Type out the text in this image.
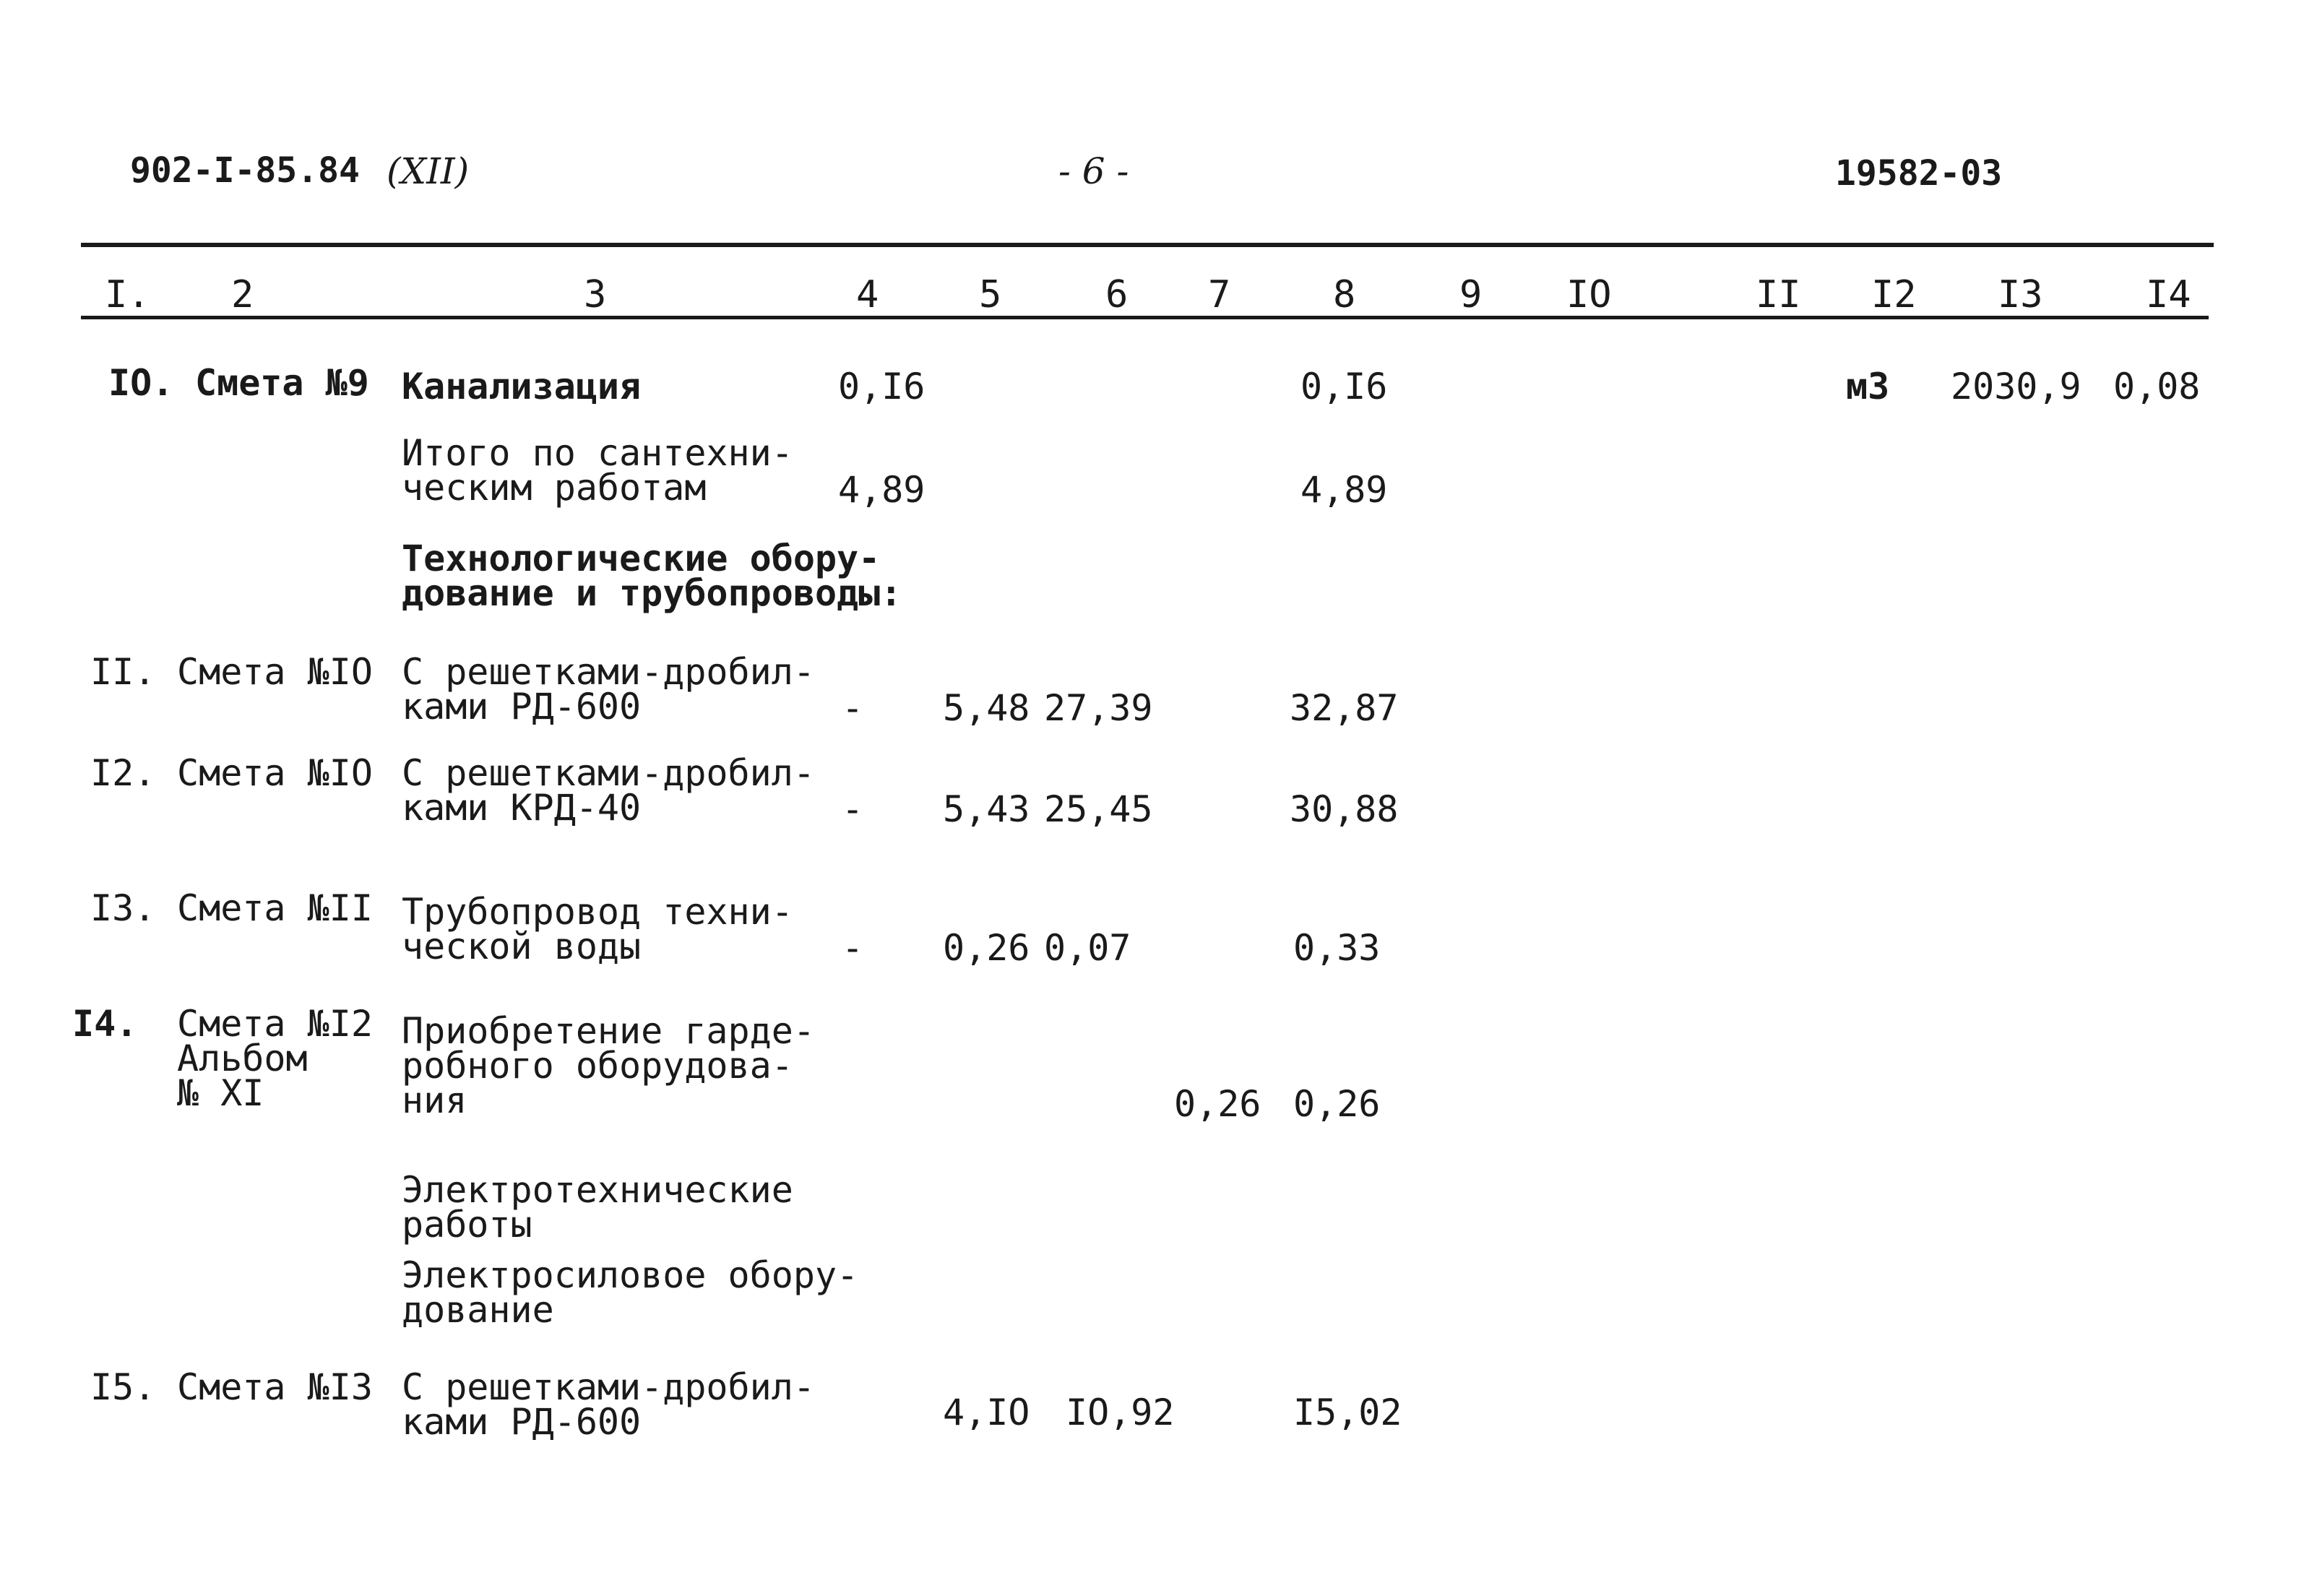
902-I-85.84 (XII)	- 6 -	19582-03
I. 2	3	4	5	6 7	8	9 IO	II I2 I3	I4
IO. Смета №9 Канализация	0,I6	0,I6	м3 2030,9 0,08
Итого по сантехни-
ческим работам	4,89	4,89
Технологические обору-
дование и трубопроводы:
II. Смета №IO С решетками-дробил-
ками РД-600	- 5,48 27,39	32,87
I2. Смета №IO С решетками-дробил-
ками КРД-40	- 5,43 25,45	30,88
I3. Смета №II Трубопровод техни-
ческой воды	- 0,26 0,07	0,33
I4. Смета №I2
Альбом
№ XI
Приобретение гарде-
робного оборудова-
ния	0,26 0,26
Электротехнические
работы
Электросиловое обору-
дование
I5. Смета №I3 С решетками-дробил-
ками РД-600	4,IO IO,92	I5,02
